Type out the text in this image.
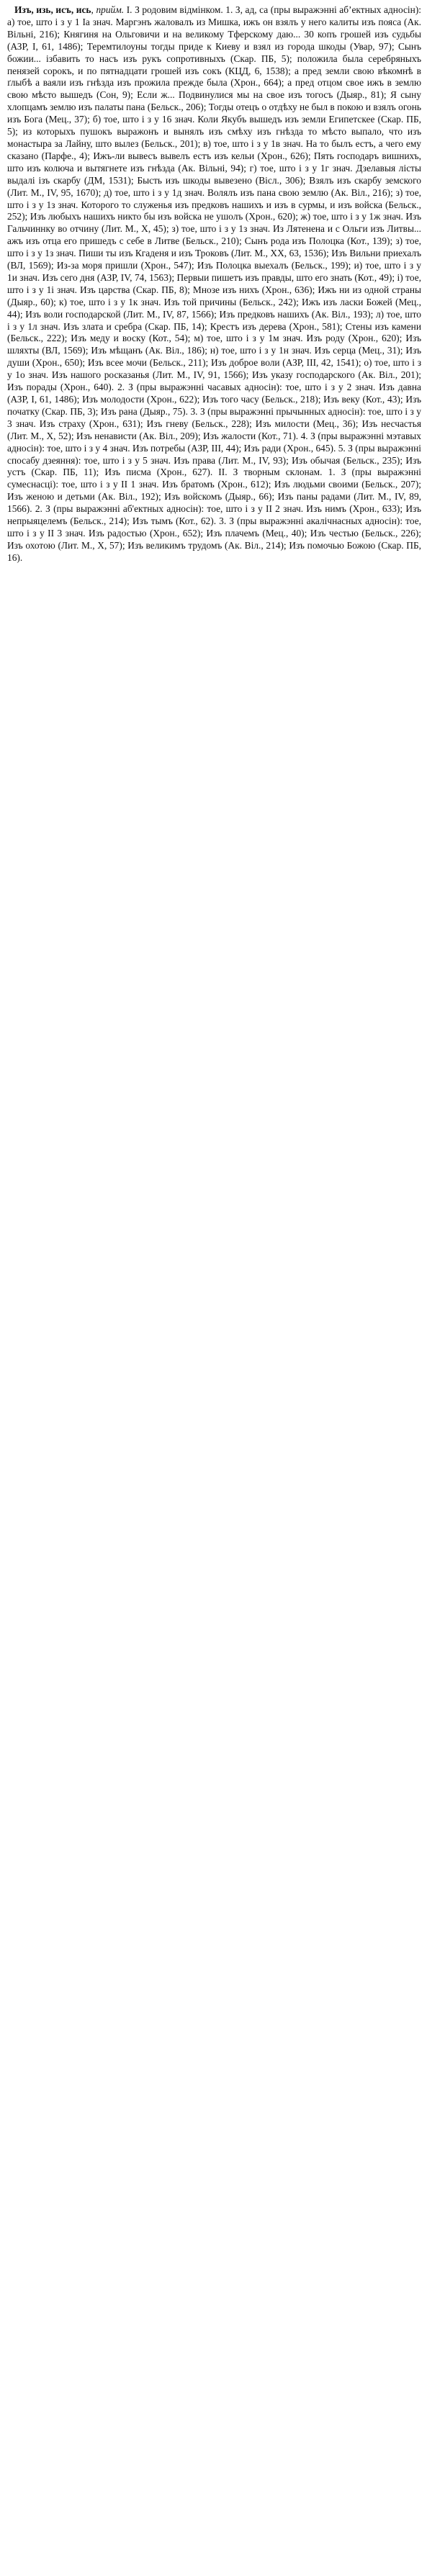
Изъ, изь, исъ, ись, прийм. I. З родовим відмінком. 1. З, ад, са (пры выражэнні абʼектных адносін): а) тое, што і з у 1 Iа знач. Маргэнъ жаловалъ из Мишка, ижъ он взялъ у него калиты изъ пояса (Ак. Вільні, 216); Княгиня на Ольговичи и на великому Тферскому даю... 30 копъ грошей изъ судьбы (АЗР, I, 61, 1486); Теремтилоуны тогды приде к Киеву и взял из города шкоды (Увар, 97); Сынъ божии... ізбавить то насъ изъ рукъ сопротивныхъ (Скар. ПБ, 5); положила была серебряныхъ пенязей сорокъ, и по пятнадцати грошей изъ сокъ (КЦД, 6, 1538); а пред земли свою вѣкомнѣ в ґлыбѣ а ваяли изъ гнѣзда изъ прожила прежде была (Хрон., 664); а пред отцом свое ижъ в землю свою мѣсто вышедъ (Сон, 9); Если ж... Подвинулися мы на свое изъ тогосъ (Дыяр., 81); Я сыну хлопцамъ землю изъ палаты пана (Бельск., 206); Тогды отецъ о отдѣху не был в покою и взялъ огонь изъ Бога (Мец., 37); б) тое, што і з у 16 знач. Коли Якубъ вышедъ изъ земли Египетскее (Скар. ПБ, 5); из которыхъ пушокъ выражонъ и вынялъ изъ смѣху изъ гнѣзда то мѣсто выпало, что изъ монастыра за Лайну, што вылез (Бельск., 201); в) тое, што і з у 1в знач. На то былъ естъ, а чего ему сказано (Парфе., 4); Ижъ-ли вывесъ вывелъ естъ изъ кельи (Хрон., 626); Пять господаръ вишнихъ, што изъ колюча и вытягнете изъ гнѣзда (Ак. Вільні, 94); г) тое, што і з у 1г знач. Дзелавыя лісты выдалі ізъ скарбу (ДМ, 1531); Бысть изъ шкоды вывезено (Вісл., 306); Взялъ изъ скарбу земского (Лит. М., IV, 95, 1670); д) тое, што і з у 1д знач. Волялъ изъ пана свою землю (Ак. Віл., 216); з) тое, што і з у 1з знач. Которого то служенья изъ предковъ нашихъ и изъ в сурмы, и изъ войска (Бельск., 252); Изъ любыхъ нашихъ никто бы изъ войска не ушолъ (Хрон., 620); ж) тое, што і з у 1ж знач. Изъ Гальчиннку во отчину (Лит. М., X, 45); з) тое, што і з у 1з знач. Из Лятенена и с Ольги изъ Литвы... ажъ изъ отца его пришедъ с себе в Литве (Бельск., 210); Сынъ рода изъ Полоцка (Кот., 139); з) тое, што і з у 1з знач. Пиши ты изъ Кгаденя и изъ Троковъ (Лит. М., XX, 63, 1536); Изъ Вильни приехалъ (ВЛ, 1569); Из-за моря пришли (Хрон., 547); Изъ Полоцка выехалъ (Бельск., 199); и) тое, што і з у 1и знач. Изъ сего дня (АЗР, IV, 74, 1563); Первыи пишетъ изъ правды, што его знать (Кот., 49); і) тое, што і з у 1і знач. Изъ царства (Скар. ПБ, 8); Мнозе изъ нихъ (Хрон., 636); Ижъ ни из одной страны (Дыяр., 60); к) тое, што і з у 1к знач. Изъ той причины (Бельск., 242); Ижъ изъ ласки Божей (Мец., 44); Изъ воли господарской (Лит. М., IV, 87, 1566); Изъ предковъ нашихъ (Ак. Віл., 193); л) тое, што і з у 1л знач. Изъ злата и сребра (Скар. ПБ, 14); Крестъ изъ дерева (Хрон., 581); Стены изъ камени (Бельск., 222); Изъ меду и воску (Кот., 54); м) тое, што і з у 1м знач. Изъ роду (Хрон., 620); Изъ шляхты (ВЛ, 1569); Изъ мѣщанъ (Ак. Віл., 186); н) тое, што і з у 1н знач. Изъ серца (Мец., 31); Изъ души (Хрон., 650); Изъ всее мочи (Бельск., 211); Изъ доброе воли (АЗР, III, 42, 1541); о) тое, што і з у 1о знач. Изъ нашого росказанья (Лит. М., IV, 91, 1566); Изъ указу господарского (Ак. Віл., 201); Изъ порады (Хрон., 640). 2. З (пры выражэнні часавых адносін): тое, што і з у 2 знач. Изъ давна (АЗР, I, 61, 1486); Изъ молодости (Хрон., 622); Изъ того часу (Бельск., 218); Изъ веку (Кот., 43); Изъ початку (Скар. ПБ, 3); Изъ рана (Дыяр., 75). 3. З (пры выражэнні прычынных адносін): тое, што і з у 3 знач. Изъ страху (Хрон., 631); Изъ гневу (Бельск., 228); Изъ милости (Мец., 36); Изъ несчастья (Лит. М., X, 52); Изъ ненависти (Ак. Віл., 209); Изъ жалости (Кот., 71). 4. З (пры выражэнні мэтавых адносін): тое, што і з у 4 знач. Изъ потребы (АЗР, III, 44); Изъ ради (Хрон., 645). 5. З (пры выражэнні спосабу дзеяння): тое, што і з у 5 знач. Изъ права (Лит. М., IV, 93); Изъ обычая (Бельск., 235); Изъ устъ (Скар. ПБ, 11); Изъ писма (Хрон., 627). II. З творным склонам. 1. З (пры выражэнні сумеснасці): тое, што і з у II 1 знач. Изъ братомъ (Хрон., 612); Изъ людьми своими (Бельск., 207); Изъ женою и детьми (Ак. Віл., 192); Изъ войскомъ (Дыяр., 66); Изъ паны радами (Лит. М., IV, 89, 1566). 2. З (пры выражэнні аб'ектных адносін): тое, што і з у II 2 знач. Изъ нимъ (Хрон., 633); Изъ непрыяцелемъ (Бельск., 214); Изъ тымъ (Кот., 62). 3. З (пры выражэнні акалічнасных адносін): тое, што і з у II 3 знач. Изъ радостью (Хрон., 652); Изъ плачемъ (Мец., 40); Изъ честью (Бельск., 226); Изъ охотою (Лит. М., X, 57); Изъ великимъ трудомъ (Ак. Віл., 214); Изъ помочью Божою (Скар. ПБ, 16).
